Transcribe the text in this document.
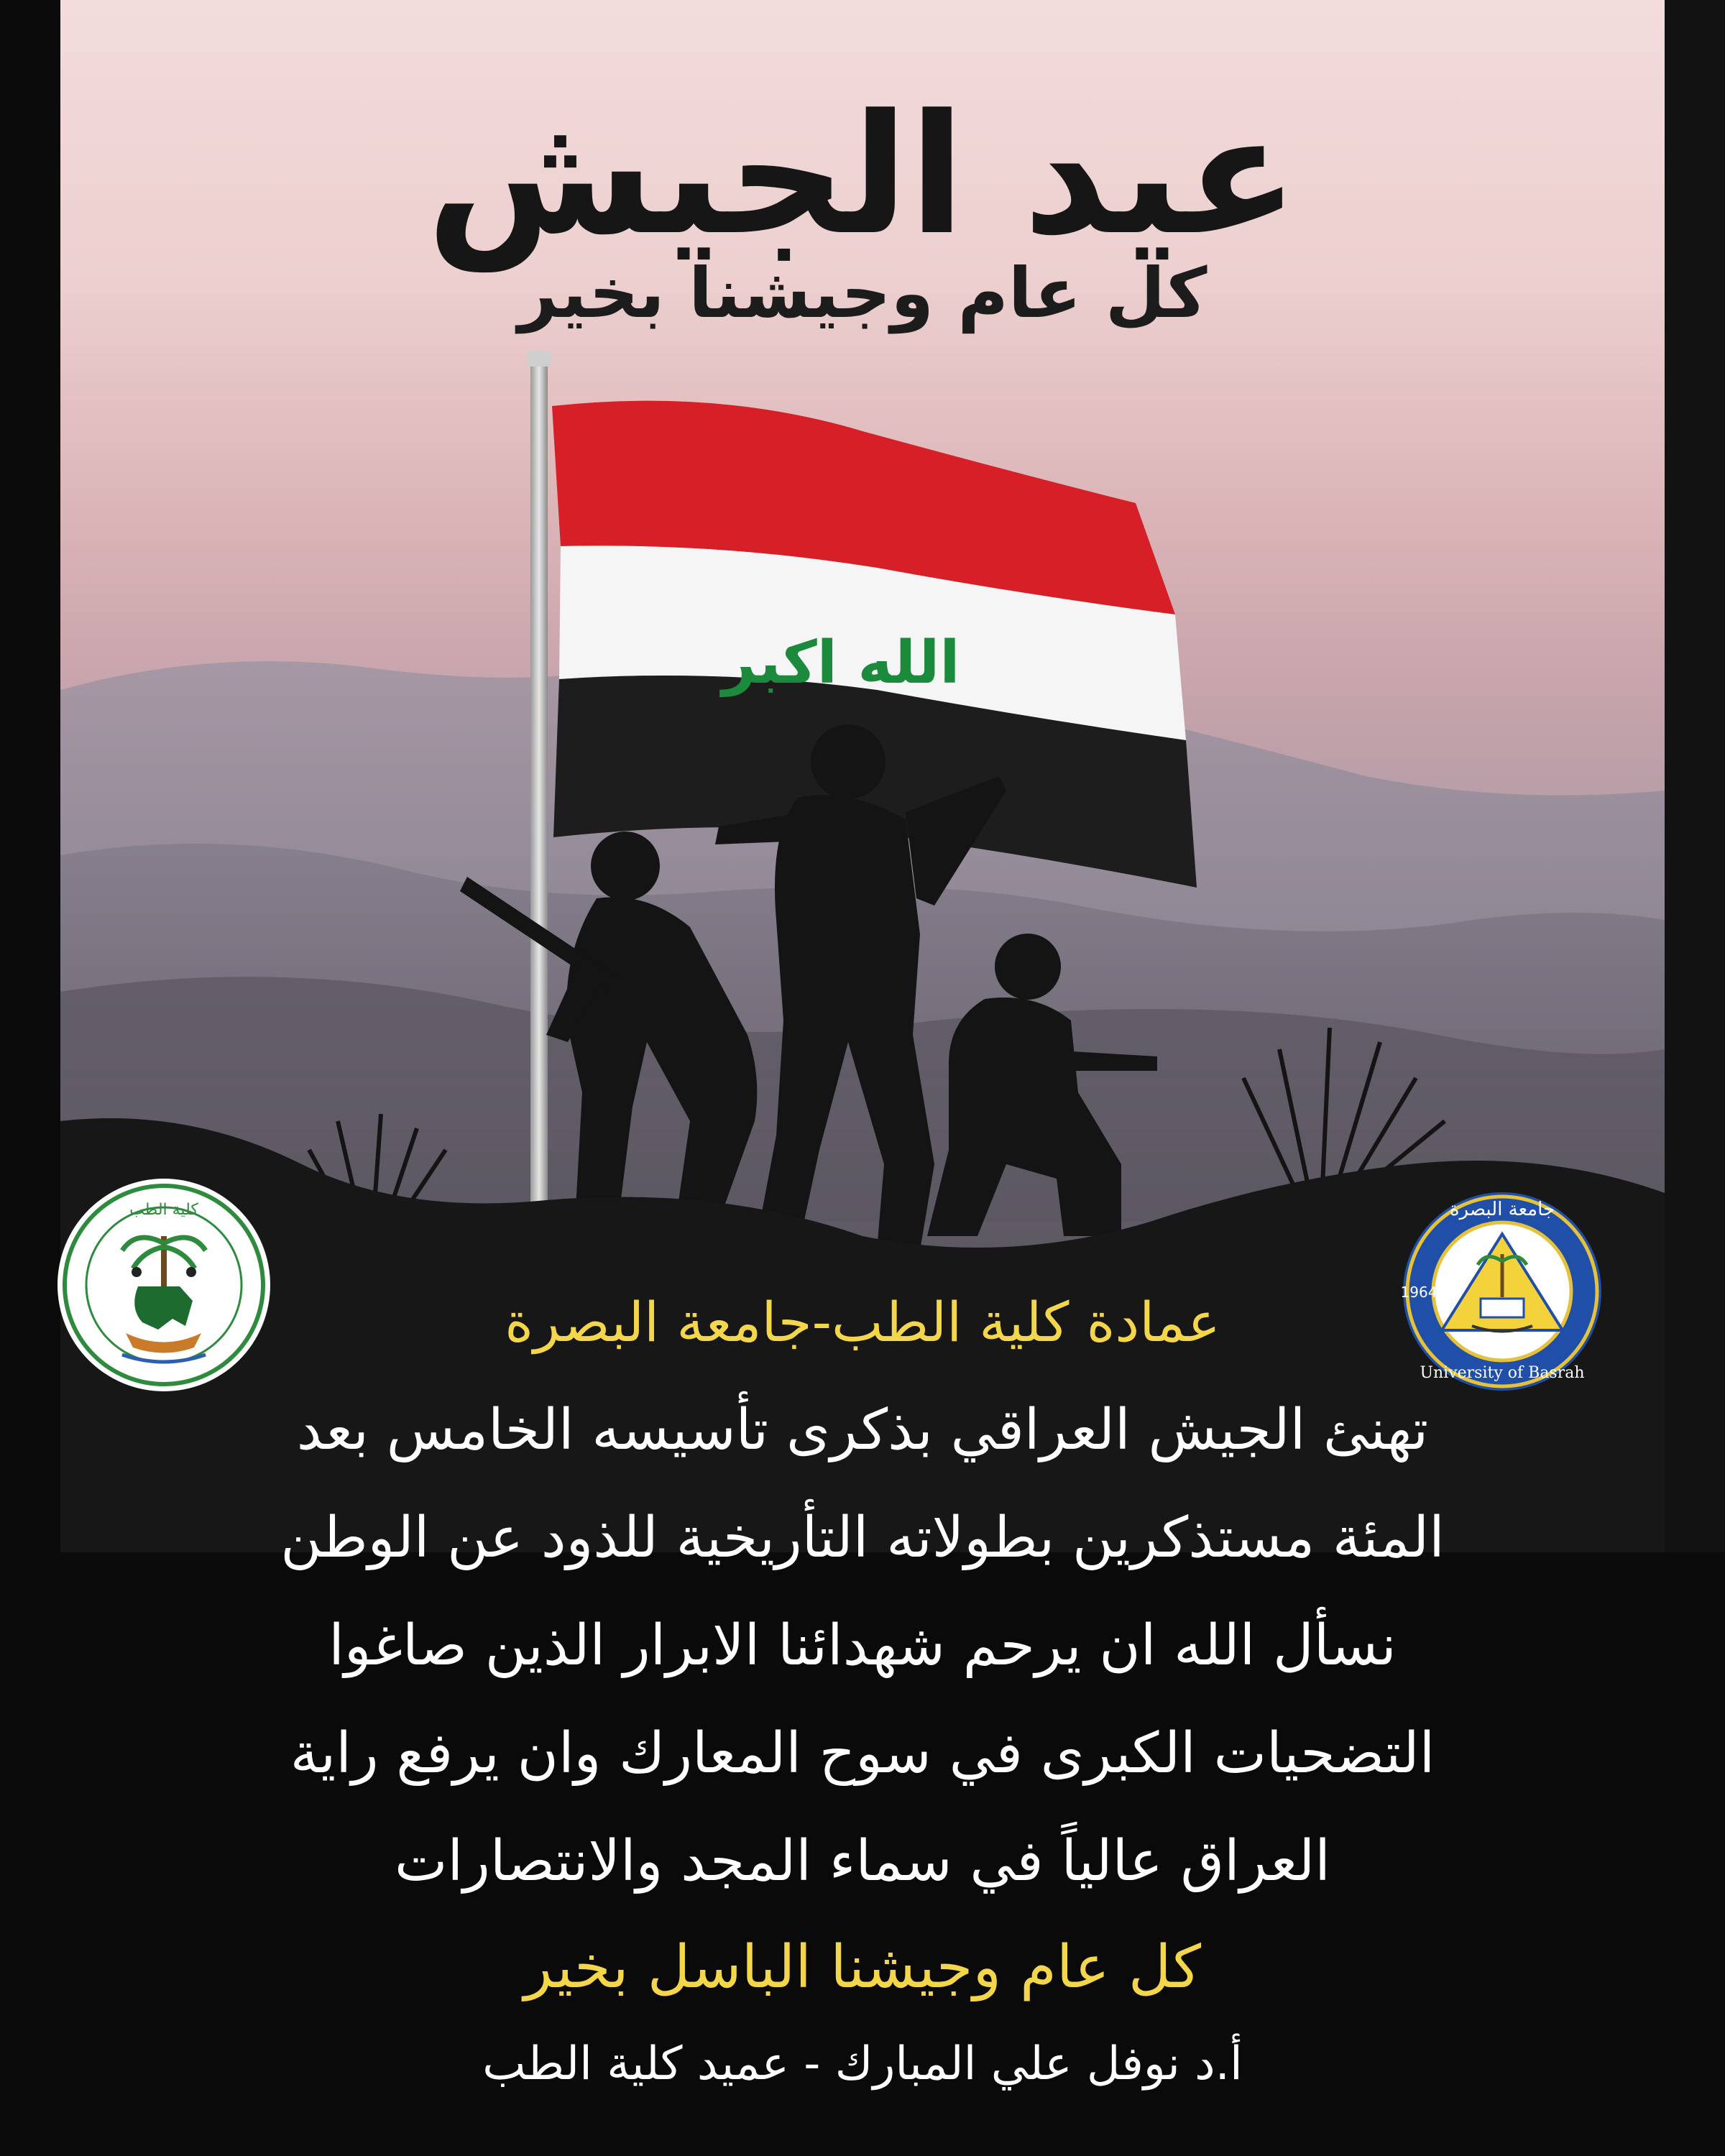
الله اكبر
عيد الجيش
كل عام وجيشنا بخير
كلية الطب	جامعة البصرة
University of Basrah
1964
عمادة كلية الطب-جامعة البصرة
تهنئ الجيش العراقي بذكرى تأسيسه الخامس بعد
المئة مستذكرين بطولاته التأريخية للذود عن الوطن
نسأل الله ان يرحم شهدائنا الابرار الذين صاغوا
التضحيات الكبرى في سوح المعارك وان يرفع راية
العراق عالياً في سماء المجد والانتصارات
كل عام وجيشنا الباسل بخير
أ.د نوفل علي المبارك - عميد كلية الطب
